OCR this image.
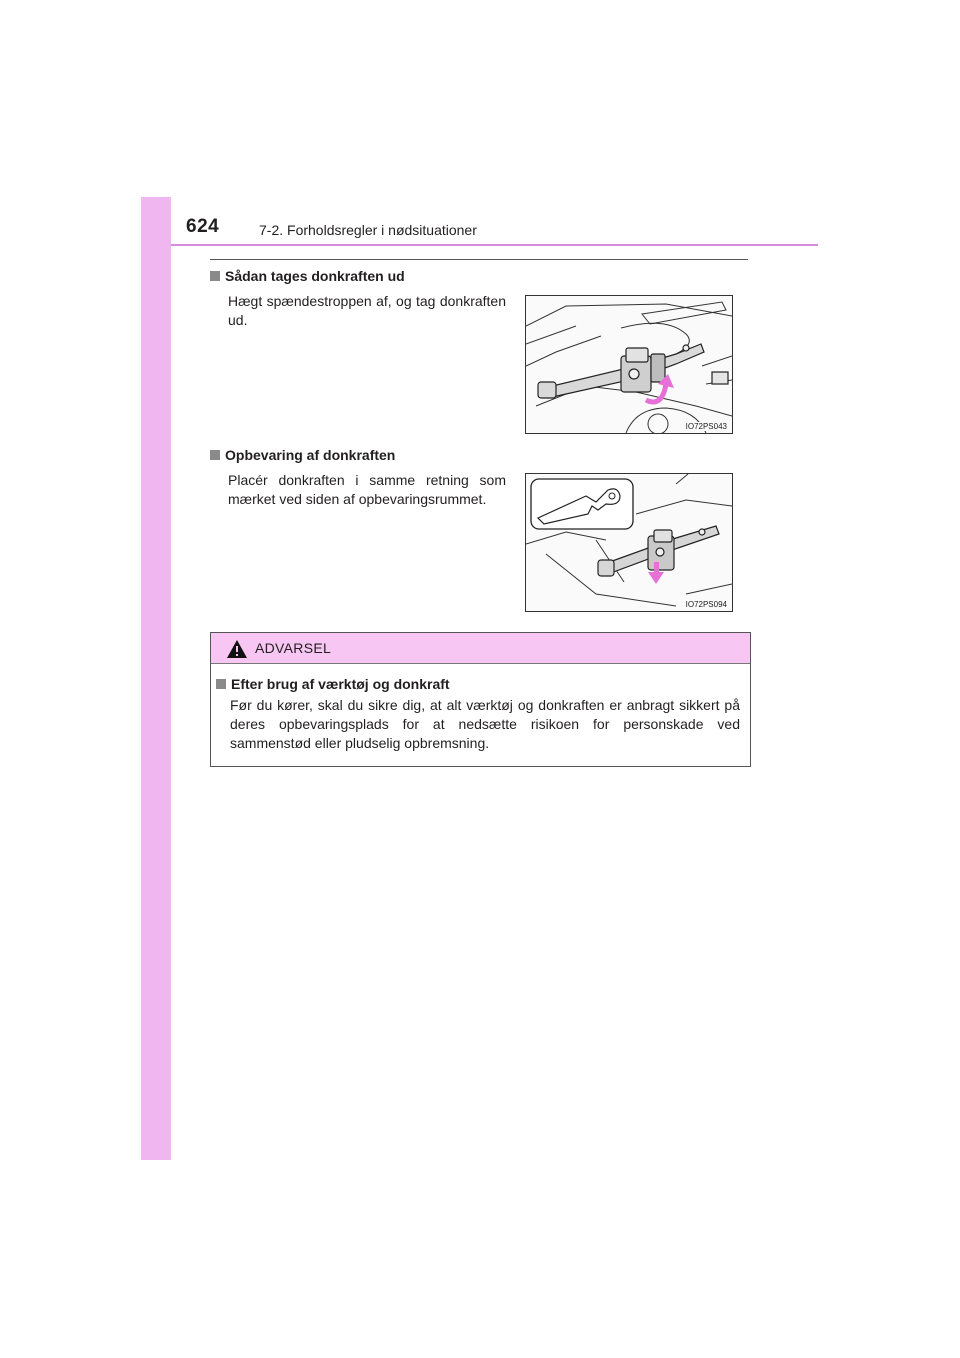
624	7-2. Forholdsregler i nødsituationer
Sådan tages donkraften ud
Hægt spændestroppen af, og tag donkraften ud.
IO72PS043
Opbevaring af donkraften
Placér donkraften i samme retning som mærket ved siden af opbevaringsrummet.
IO72PS094
ADVARSEL
Efter brug af værktøj og donkraft
Før du kører, skal du sikre dig, at alt værktøj og donkraften er anbragt sikkert på deres opbevaringsplads for at nedsætte risikoen for personskade ved sammenstød eller pludselig opbremsning.
